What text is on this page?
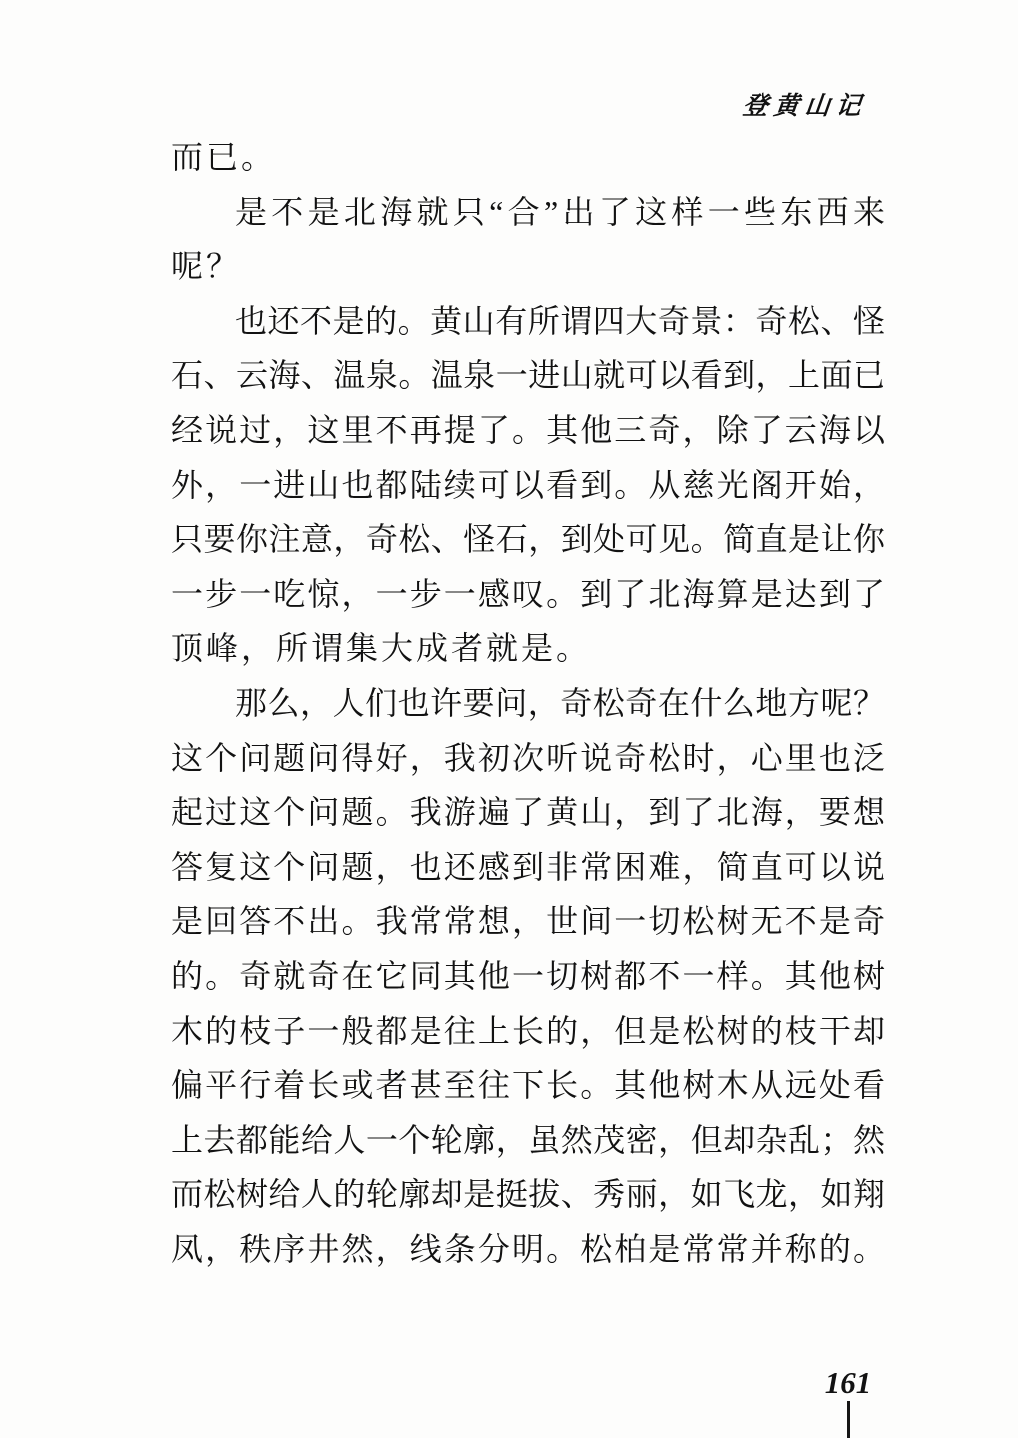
登黄山记
而已。
是不是北海就只“合”出了这样一些东西来
呢？
也还不是的。黄山有所谓四大奇景：奇松、怪
石、云海、温泉。温泉一进山就可以看到，上面已
经说过，这里不再提了。其他三奇，除了云海以
外，一进山也都陆续可以看到。从慈光阁开始，
只要你注意，奇松、怪石，到处可见。简直是让你
一步一吃惊，一步一感叹。到了北海算是达到了
顶峰，所谓集大成者就是。
那么，人们也许要问，奇松奇在什么地方呢？
这个问题问得好，我初次听说奇松时，心里也泛
起过这个问题。我游遍了黄山，到了北海，要想
答复这个问题，也还感到非常困难，简直可以说
是回答不出。我常常想，世间一切松树无不是奇
的。奇就奇在它同其他一切树都不一样。其他树
木的枝子一般都是往上长的，但是松树的枝干却
偏平行着长或者甚至往下长。其他树木从远处看
上去都能给人一个轮廓，虽然茂密，但却杂乱；然
而松树给人的轮廓却是挺拔、秀丽，如飞龙，如翔
凤，秩序井然，线条分明。松柏是常常并称的。
161
